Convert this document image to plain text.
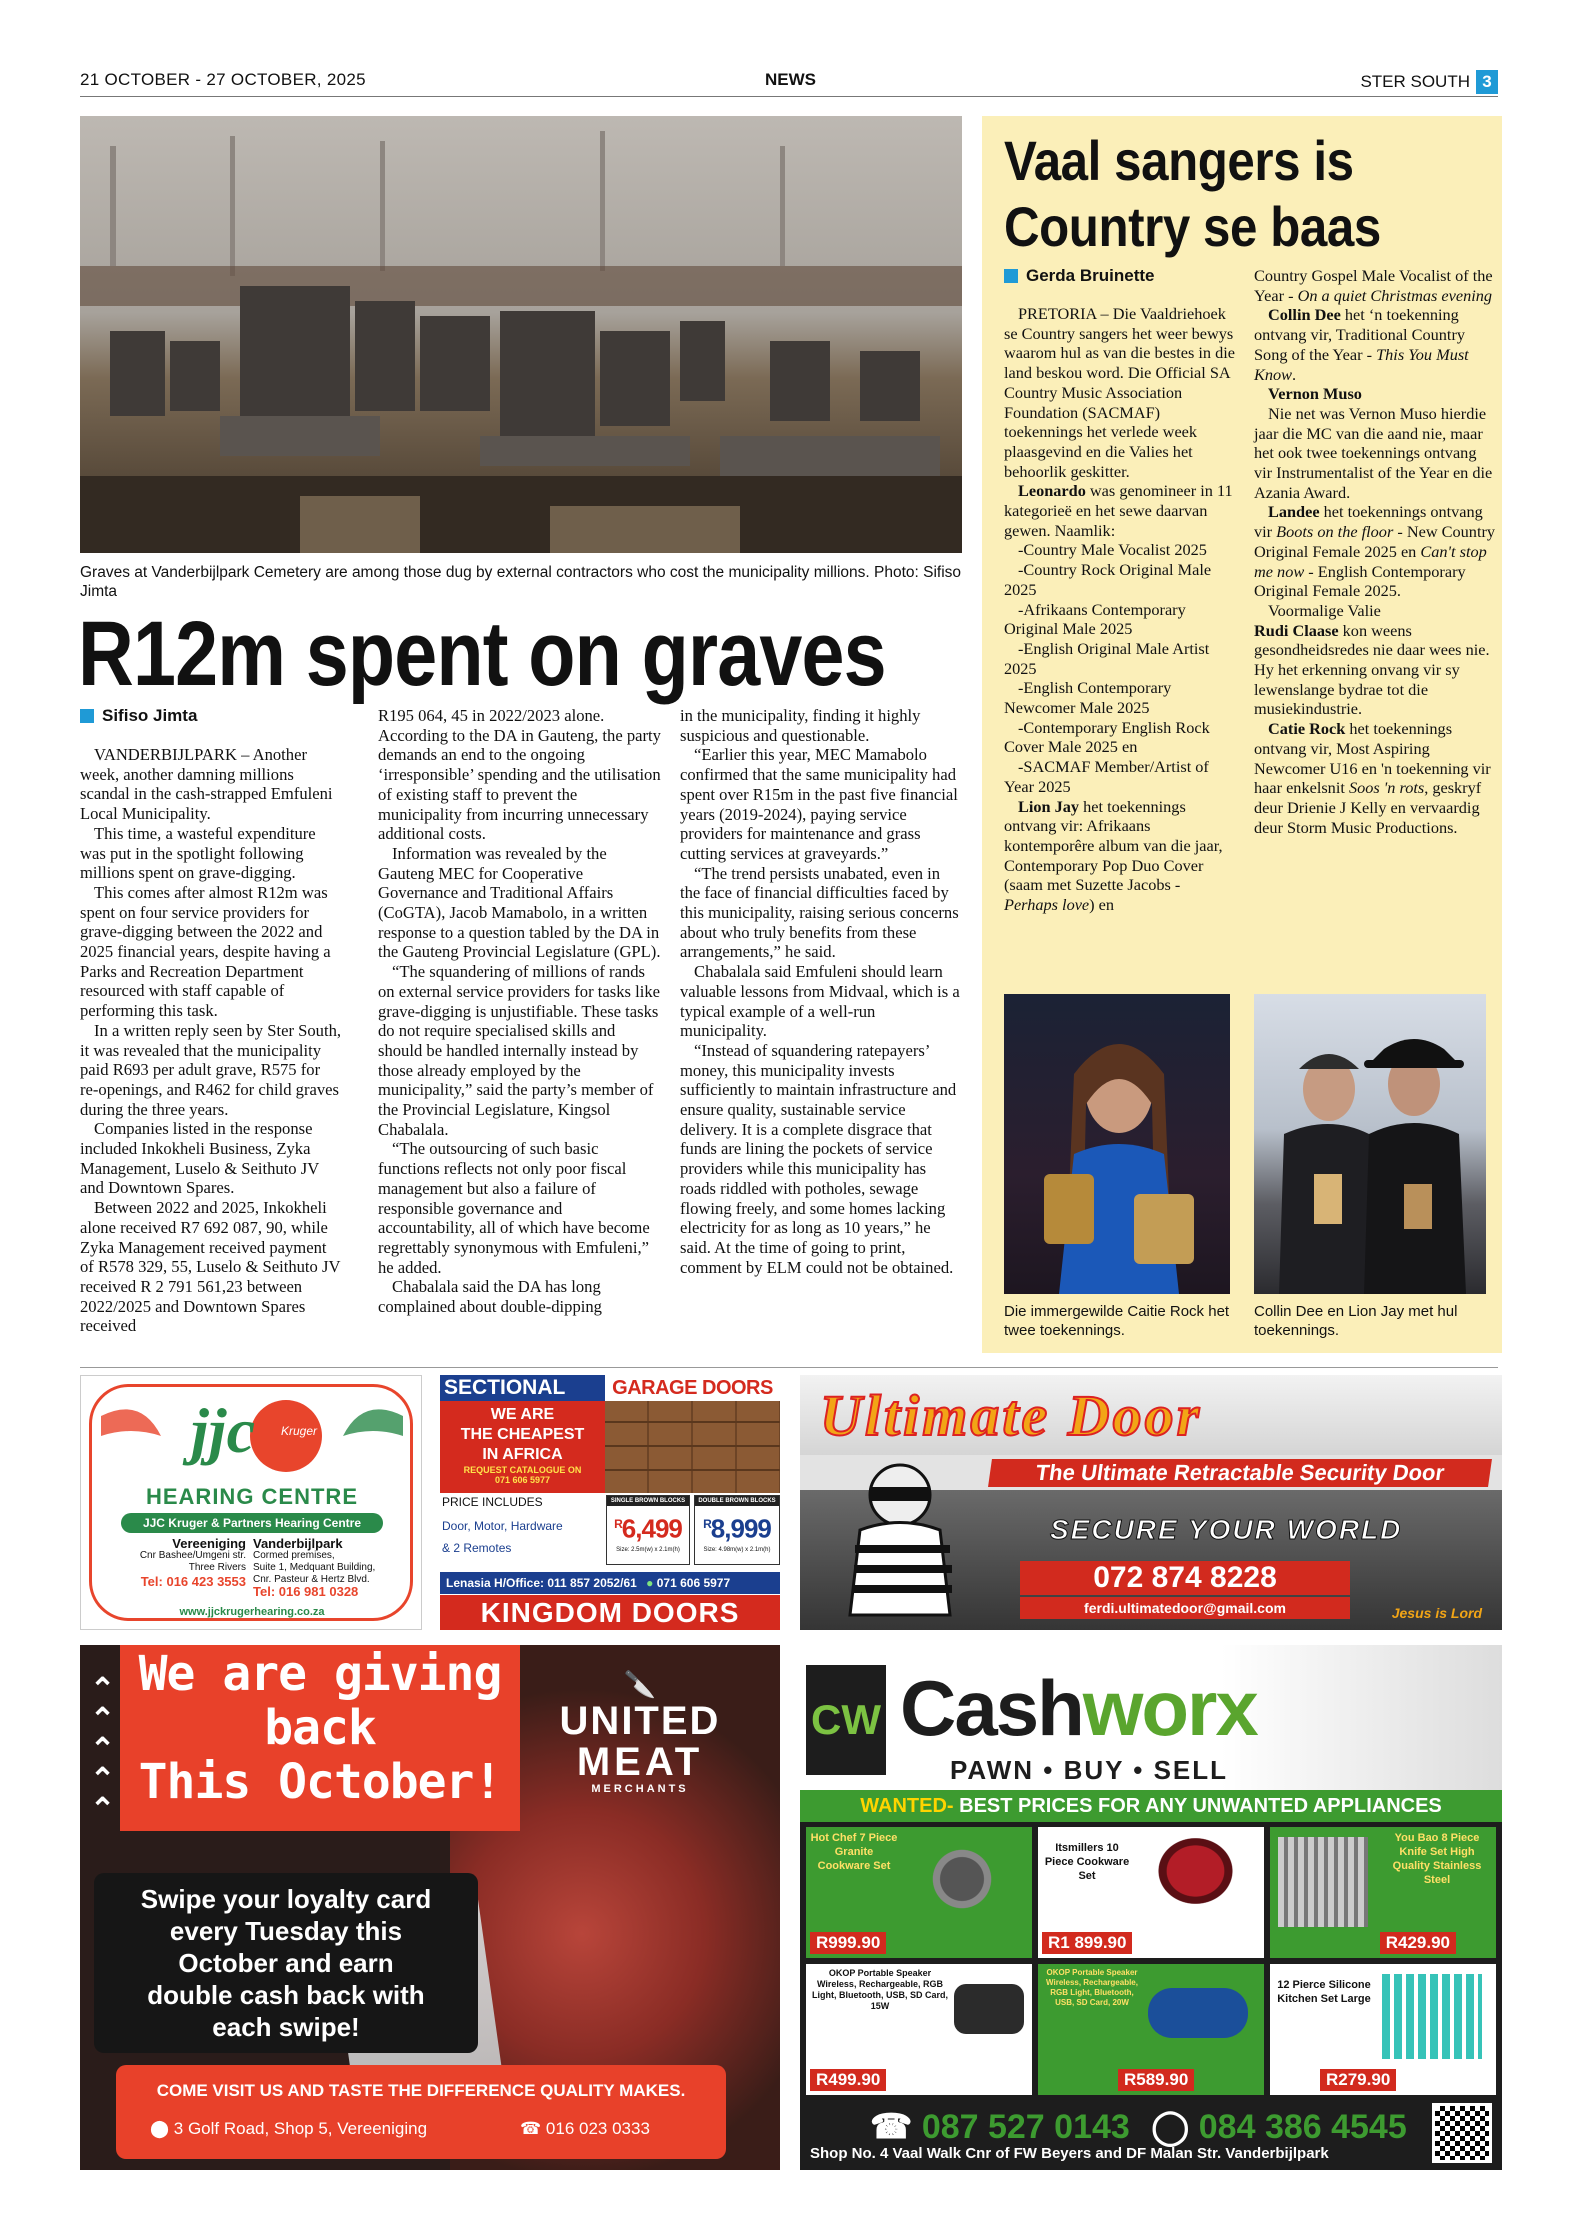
21 OCTOBER - 27 OCTOBER, 2025	NEWS	STER SOUTH 3
Graves at Vanderbijlpark Cemetery are among those dug by external contractors who cost the municipality millions. Photo: Sifiso Jimta
R12m spent on graves
Sifiso Jimta

VANDERBIJLPARK – Another week, another damning millions scandal in the cash-strapped Emfuleni Local Municipality.

This time, a wasteful expenditure was put in the spotlight following millions spent on grave-digging.

This comes after almost R12m was spent on four service providers for grave-digging between the 2022 and 2025 financial years, despite having a Parks and Recreation Department resourced with staff capable of performing this task.

In a written reply seen by Ster South, it was revealed that the municipality paid R693 per adult grave, R575 for re-openings, and R462 for child graves during the three years.

Companies listed in the response included Inkokheli Business, Zyka Management, Luselo & Seithuto JV and Downtown Spares.

Between 2022 and 2025, Inkokheli alone received R7 692 087, 90, while Zyka Management received payment of R578 329, 55, Luselo & Seithuto JV received R 2 791 561,23 between 2022/2025 and Downtown Spares received

R195 064, 45 in 2022/2023 alone. According to the DA in Gauteng, the party demands an end to the ongoing ‘irresponsible’ spending and the utilisation of existing staff to prevent the municipality from incurring unnecessary additional costs.

Information was revealed by the Gauteng MEC for Cooperative Governance and Traditional Affairs (CoGTA), Jacob Mamabolo, in a written response to a question tabled by the DA in the Gauteng Provincial Legislature (GPL).

“The squandering of millions of rands on external service providers for tasks like grave-digging is unjustifiable. These tasks do not require specialised skills and should be handled internally instead by those already employed by the municipality,” said the party’s member of the Provincial Legislature, Kingsol Chabalala.

“The outsourcing of such basic functions reflects not only poor fiscal management but also a failure of responsible governance and accountability, all of which have become regrettably synonymous with Emfuleni,” he added.

Chabalala said the DA has long complained about double-dipping

in the municipality, finding it highly suspicious and questionable.

“Earlier this year, MEC Mamabolo confirmed that the same municipality had spent over R15m in the past five financial years (2019-2024), paying service providers for maintenance and grass cutting services at graveyards.”

“The trend persists unabated, even in the face of financial difficulties faced by this municipality, raising serious concerns about who truly benefits from these arrangements,” he said.

Chabalala said Emfuleni should learn valuable lessons from Midvaal, which is a typical example of a well-run municipality.

“Instead of squandering ratepayers’ money, this municipality invests sufficiently to maintain infrastructure and ensure quality, sustainable service delivery. It is a complete disgrace that funds are lining the pockets of service providers while this municipality has roads riddled with potholes, sewage flowing freely, and some homes lacking electricity for as long as 10 years,” he said. At the time of going to print, comment by ELM could not be obtained.

Vaal sangers is
Country se baas
Gerda Bruinette

PRETORIA – Die Vaaldriehoek se Country sangers het weer bewys waarom hul as van die bestes in die land beskou word. Die Official SA Country Music Association Foundation (SACMAF) toekennings het verlede week plaasgevind en die Valies het behoorlik geskitter.

Leonardo was genomineer in 11 kategorieë en het sewe daarvan gewen. Naamlik:

-Country Male Vocalist 2025

-Country Rock Original Male 2025

-Afrikaans Contemporary Original Male 2025

-English Original Male Artist 2025

-English Contemporary Newcomer Male 2025

-Contemporary English Rock Cover Male 2025 en

-SACMAF Member/Artist of Year 2025

Lion Jay het toekennings ontvang vir: Afrikaans kontemporêre album van die jaar, Contemporary Pop Duo Cover (saam met Suzette Jacobs - Perhaps love) en

Country Gospel Male Vocalist of the Year - On a quiet Christmas evening

Collin Dee het ‘n toekenning ontvang vir, Traditional Country Song of the Year - This You Must Know.

Vernon Muso

Nie net was Vernon Muso hierdie jaar die MC van die aand nie, maar het ook twee toekennings ontvang vir Instrumentalist of the Year en die Azania Award.

Landee het toekennings ontvang vir Boots on the floor - New Country Original Female 2025 en Can't stop me now - English Contemporary Original Female 2025.

Voormalige Valie

Rudi Claase kon weens gesondheidsredes nie daar wees nie. Hy het erkenning onvang vir sy lewenslange bydrae tot die musiekindustrie.

Catie Rock het toekennings ontvang vir, Most Aspiring Newcomer U16 en 'n toekenning vir haar enkelsnit Soos 'n rots, geskryf deur Drienie J Kelly en vervaardig deur Storm Music Productions.

Die immergewilde Caitie Rock het twee toekennings.
Collin Dee en Lion Jay met hul toekennings.
jjc Kruger
HEARING CENTRE
JJC Kruger & Partners Hearing Centre
Vereeniging
Cnr Bashee/Umgeni str.
Three Rivers
Tel: 016 423 3553
Vanderbijlpark
Cormed premises,
Suite 1, Medquant Building,
Cnr. Pasteur & Hertz Blvd.
Tel: 016 981 0328
www.jjckrugerhearing.co.za
SECTIONAL	GARAGE DOORS
WE ARE
THE CHEAPEST
IN AFRICA
REQUEST CATALOGUE ON
071 606 5977
PRICE INCLUDES
Door, Motor, Hardware
& 2 Remotes
SINGLE BROWN BLOCKS
$^R$6,499
Size: 2.5m(w) x 2.1m(h)
DOUBLE BROWN BLOCKS
$^R$8,999
Size: 4.98m(w) x 2.1m(h)
Lenasia H/Office: 011 857 2052/61 ● 071 606 5977
KINGDOM DOORS
Ultimate Door
The Ultimate Retractable Security Door
SECURE YOUR WORLD
072 874 8228
ferdi.ultimatedoor@gmail.com	Jesus is Lord
We are giving
back
This October!
⌃
⌃
⌃
⌃
⌃
🔪
UNITED
MEAT
MERCHANTS
Swipe your loyalty card
every Tuesday this
October and earn
double cash back with
each swipe!
COME VISIT US AND TASTE THE DIFFERENCE QUALITY MAKES.
⬤ 3 Golf Road, Shop 5, Vereeniging	☎ 016 023 0333
CW Cashworx
PAWN • BUY • SELL
WANTED- BEST PRICES FOR ANY UNWANTED APPLIANCES
Hot Chef 7 Piece Granite Cookware Set
R999.90
Itsmillers 10 Piece Cookware Set
R1 899.90
You Bao 8 Piece Knife Set High Quality Stainless Steel
R429.90
OKOP Portable Speaker Wireless, Rechargeable, RGB Light, Bluetooth, USB, SD Card, 15W
R499.90
OKOP Portable Speaker Wireless, Rechargeable, RGB Light, Bluetooth, USB, SD Card, 20W
R589.90
12 Pierce Silicone Kitchen Set Large
R279.90
☎ 087 527 0143 ◯ 084 386 4545
Shop No. 4 Vaal Walk Cnr of FW Beyers and DF Malan Str. Vanderbijlpark
